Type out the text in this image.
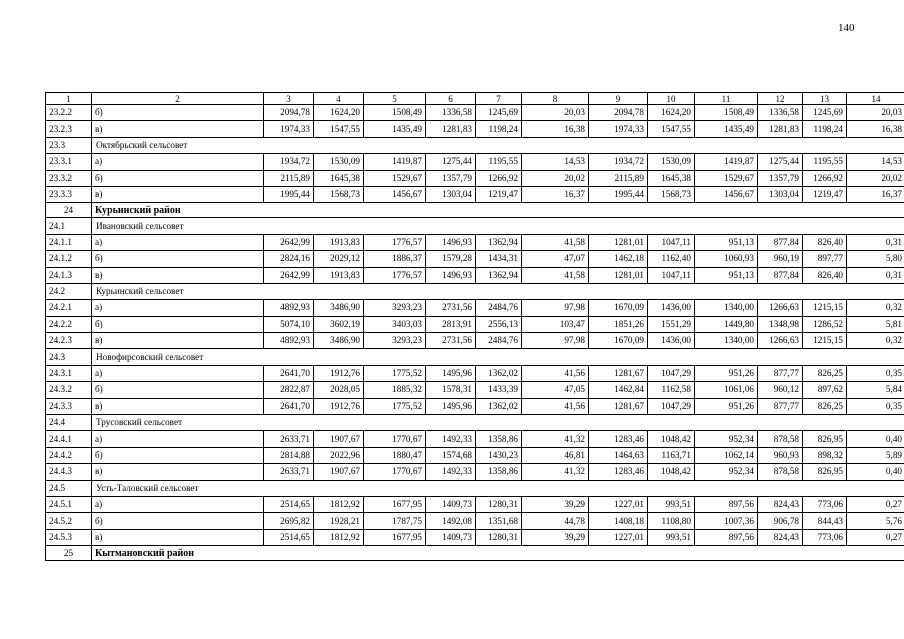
140
1	2	3	4	5	6	7	8	9	10	11	12	13	14
23.2.2	б)	2094,78	1624,20	1508,49	1336,58	1245,69	20,03	2094,78	1624,20	1508,49	1336,58	1245,69	20,03
23.2.3	в)	1974,33	1547,55	1435,49	1281,83	1198,24	16,38	1974,33	1547,55	1435,49	1281,83	1198,24	16,38
23.3	Октябрьский сельсовет												
23.3.1	а)	1934,72	1530,09	1419,87	1275,44	1195,55	14,53	1934,72	1530,09	1419,87	1275,44	1195,55	14,53
23.3.2	б)	2115,89	1645,38	1529,67	1357,79	1266,92	20,02	2115,89	1645,38	1529,67	1357,79	1266,92	20,02
23.3.3	в)	1995,44	1568,73	1456,67	1303,04	1219,47	16,37	1995,44	1568,73	1456,67	1303,04	1219,47	16,37
24	Курьинский район												
24.1	Ивановский сельсовет												
24.1.1	а)	2642,99	1913,83	1776,57	1496,93	1362,94	41,58	1281,01	1047,11	951,13	877,84	826,40	0,31
24.1.2	б)	2824,16	2029,12	1886,37	1579,28	1434,31	47,07	1462,18	1162,40	1060,93	960,19	897,77	5,80
24.1.3	в)	2642,99	1913,83	1776,57	1496,93	1362,94	41,58	1281,01	1047,11	951,13	877,84	826,40	0,31
24.2	Курьинский сельсовет												
24.2.1	а)	4892,93	3486,90	3293,23	2731,56	2484,76	97,98	1670,09	1436,00	1340,00	1266,63	1215,15	0,32
24.2.2	б)	5074,10	3602,19	3403,03	2813,91	2556,13	103,47	1851,26	1551,29	1449,80	1348,98	1286,52	5,81
24.2.3	в)	4892,93	3486,90	3293,23	2731,56	2484,76	97,98	1670,09	1436,00	1340,00	1266,63	1215,15	0,32
24.3	Новофирсовский сельсовет												
24.3.1	а)	2641,70	1912,76	1775,52	1495,96	1362,02	41,56	1281,67	1047,29	951,26	877,77	826,25	0,35
24.3.2	б)	2822,87	2028,05	1885,32	1578,31	1433,39	47,05	1462,84	1162,58	1061,06	960,12	897,62	5,84
24.3.3	в)	2641,70	1912,76	1775,52	1495,96	1362,02	41,56	1281,67	1047,29	951,26	877,77	826,25	0,35
24.4	Трусовский сельсовет												
24.4.1	а)	2633,71	1907,67	1770,67	1492,33	1358,86	41,32	1283,46	1048,42	952,34	878,58	826,95	0,40
24.4.2	б)	2814,88	2022,96	1880,47	1574,68	1430,23	46,81	1464,63	1163,71	1062,14	960,93	898,32	5,89
24.4.3	в)	2633,71	1907,67	1770,67	1492,33	1358,86	41,32	1283,46	1048,42	952,34	878,58	826,95	0,40
24.5	Усть-Таловский сельсовет												
24.5.1	а)	2514,65	1812,92	1677,95	1409,73	1280,31	39,29	1227,01	993,51	897,56	824,43	773,06	0,27
24.5.2	б)	2695,82	1928,21	1787,75	1492,08	1351,68	44,78	1408,18	1108,80	1007,36	906,78	844,43	5,76
24.5.3	в)	2514,65	1812,92	1677,95	1409,73	1280,31	39,29	1227,01	993,51	897,56	824,43	773,06	0,27
25	Кытмановский район												
